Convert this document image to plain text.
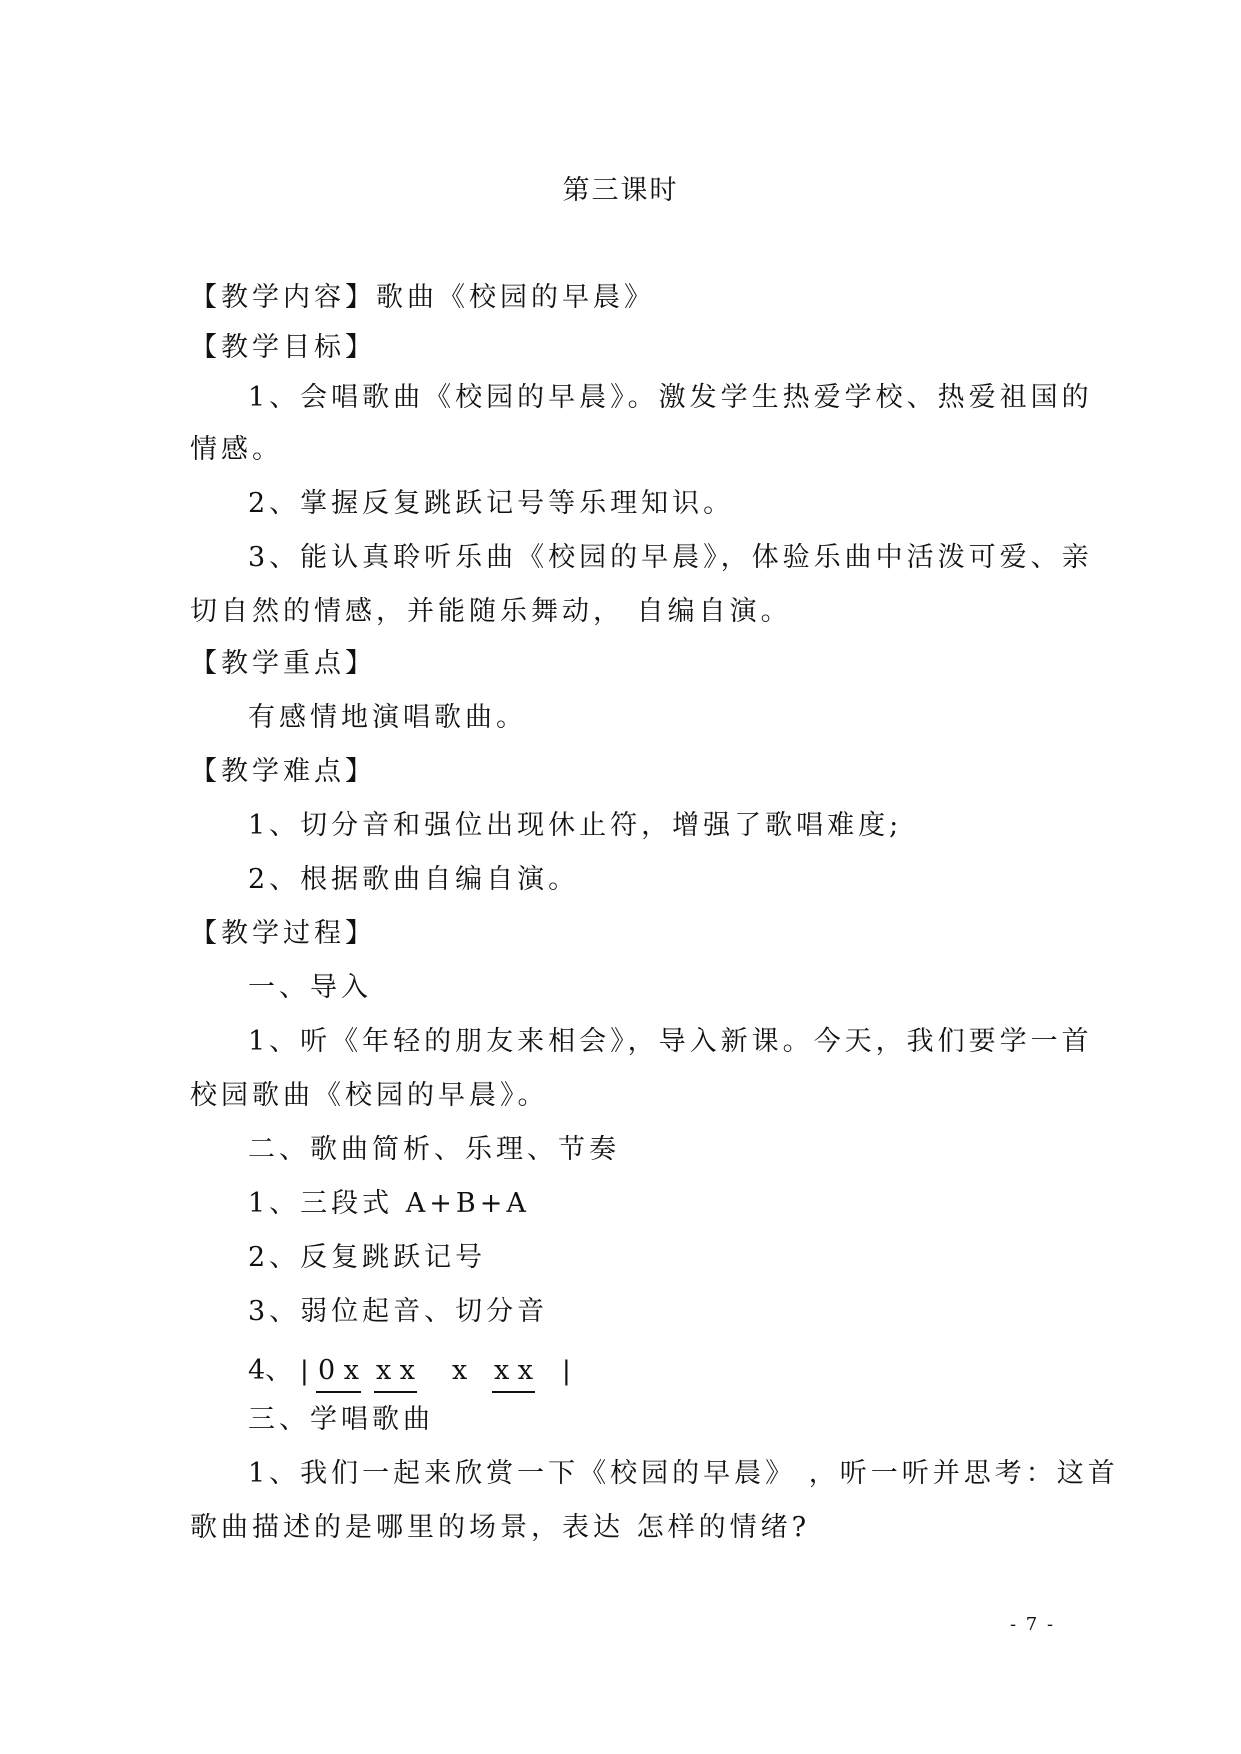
第三课时
【教学内容】歌曲《校园的早晨》
【教学目标】
1、会唱歌曲《校园的早晨》。激发学生热爱学校、热爱祖国的
情感。
2、掌握反复跳跃记号等乐理知识。
3、能认真聆听乐曲《校园的早晨》，体验乐曲中活泼可爱、亲
切自然的情感，并能随乐舞动， 自编自演。
【教学重点】
有感情地演唱歌曲。
【教学难点】
1、切分音和强位出现休止符，增强了歌唱难度;
2、根据歌曲自编自演。
【教学过程】
一、导入
1、听《年轻的朋友来相会》，导入新课。今天，我们要学一首
校园歌曲《校园的早晨》。
二、歌曲简析、乐理、节奏
1、三段式 A+B+A
2、反复跳跃记号
3、弱位起音、切分音
4、 | 0 x x x x x x |
三、学唱歌曲
1、我们一起来欣赏一下《校园的早晨》 ，听一听并思考：这首
歌曲描述的是哪里的场景，表达 怎样的情绪?
- 7 -
